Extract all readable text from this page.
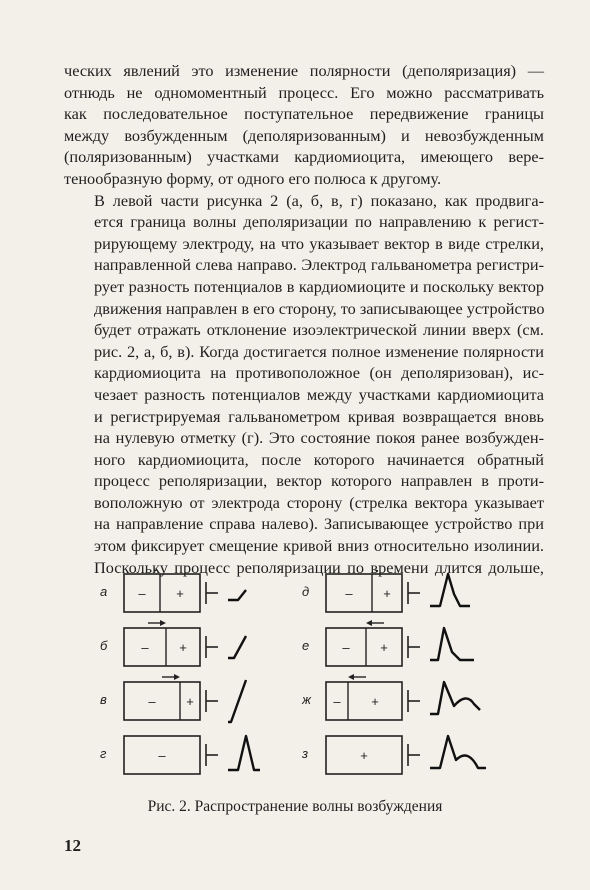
ческих явлений это изменение полярности (деполяризация) —
отнюдь не одномоментный процесс. Его можно рассматривать
как последовательное поступательное передвижение границы
между возбужденным (деполяризованным) и невозбужденным
(поляризованным) участками кардиомиоцита, имеющего вере-
тенообразную форму, от одного его полюса к другому.

В левой части рисунка 2 (а, б, в, г) показано, как продвига-
ется граница волны деполяризации по направлению к регист-
рирующему электроду, на что указывает вектор в виде стрелки,
направленной слева направо. Электрод гальванометра регистри-
рует разность потенциалов в кардиомиоците и поскольку вектор
движения направлен в его сторону, то записывающее устройство
будет отражать отклонение изоэлектрической линии вверх (см.
рис. 2, а, б, в). Когда достигается полное изменение полярности
кардиомиоцита на противоположное (он деполяризован), ис-
чезает разность потенциалов между участками кардиомиоцита
и регистрируемая гальванометром кривая возвращается вновь
на нулевую отметку (г). Это состояние покоя ранее возбужден-
ного кардиомиоцита, после которого начинается обратный
процесс реполяризации, вектор которого направлен в проти-
воположную от электрода сторону (стрелка вектора указывает
на направление справа налево). Записывающее устройство при
этом фиксирует смещение кривой вниз относительно изолинии.
Поскольку процесс реполяризации по времени длится дольше,

а – +
б	– +
в	– +
г	–
д	– +
е	– +
ж – +
з	+
Рис. 2. Распространение волны возбуждения
12
